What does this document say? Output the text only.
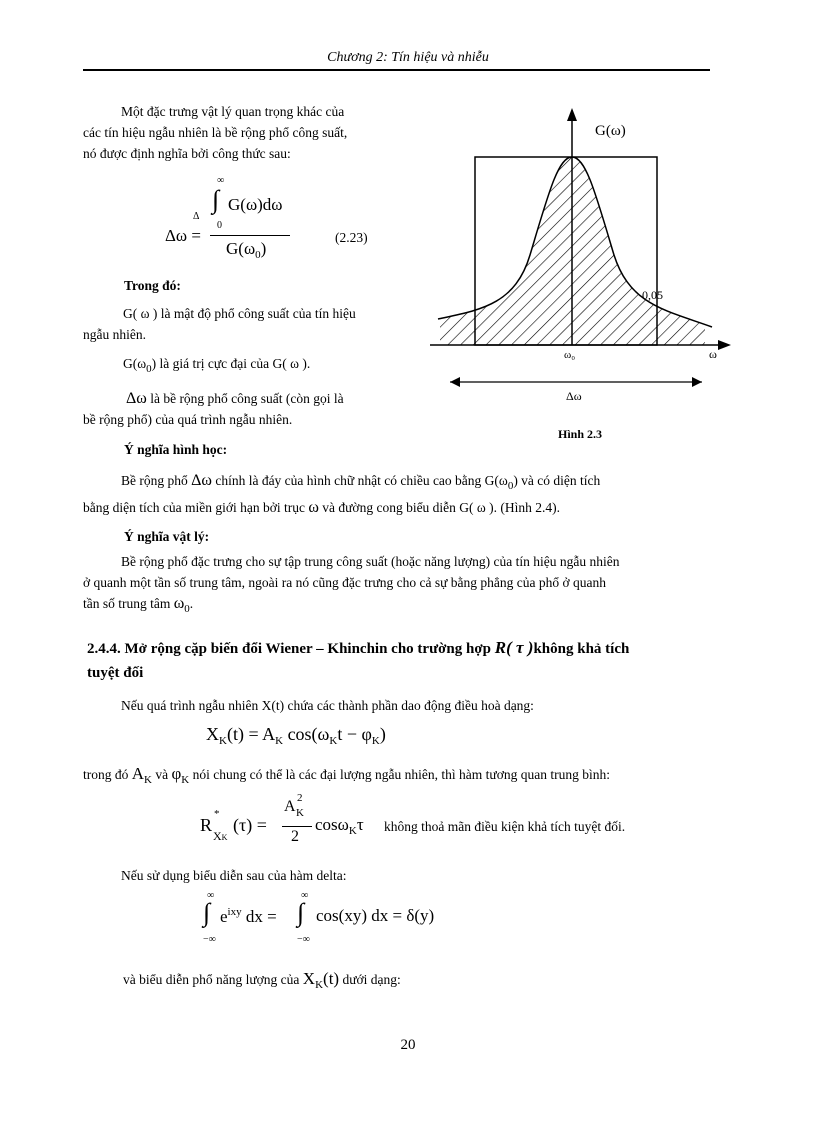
Chương 2: Tín hiệu và nhiễu
Một đặc trưng vật lý quan trọng khác của
các tín hiệu ngẫu nhiên là bề rộng phổ công suất,
nó được định nghĩa bởi công thức sau:
Δω =
Δ
∞
∫
0
G(ω)dω
$G(\omega_0)$
(2.23)
Trong đó:
G( ω ) là mật độ phổ công suất của tín hiệu
ngẫu nhiên.
$G(\omega_0)$ là giá trị cực đại của G( ω ).
Δω là bề rộng phổ công suất (còn gọi là
bề rộng phổ) của quá trình ngẫu nhiên.
G(ω)
0,05
ω₀	ω
Δω
Hình 2.3
Ý nghĩa hình học:
Bề rộng phổ Δω chính là đáy của hình chữ nhật có chiều cao bằng $G(\omega_0)$ và có diện tích
bằng diện tích của miền giới hạn bởi trục ω và đường cong biểu diễn G( ω ). (Hình 2.4).
Ý nghĩa vật lý:
Bề rộng phổ đặc trưng cho sự tập trung công suất (hoặc năng lượng) của tín hiệu ngẫu nhiên
ở quanh một tần số trung tâm, ngoài ra nó cũng đặc trưng cho cả sự bằng phẳng của phổ ở quanh
tần số trung tâm $\omega_0$.
2.4.4. Mở rộng cặp biến đổi Wiener – Khinchin cho trường hợp R( τ )không khả tích
tuyệt đối
Nếu quá trình ngẫu nhiên X(t) chứa các thành phần dao động điều hoà dạng:
$X_K(t) = A_K$ $\cos(\omega_Kt - \varphi_K)$
trong đó $A_K$ và $\varphi_K$ nói chung có thể là các đại lượng ngẫu nhiên, thì hàm tương quan trung bình:
R
*
XK
(τ) =
A 2
K
2
cosω$_K$τ không thoả mãn điều kiện khả tích tuyệt đối.
Nếu sử dụng biểu diễn sau của hàm delta:
∞
∫
−∞
$e^{ixy}$ dx =
∞
∫
−∞
cos(xy) dx = δ(y)
và biểu diễn phổ năng lượng của $X_K(t)$ dưới dạng:
20
